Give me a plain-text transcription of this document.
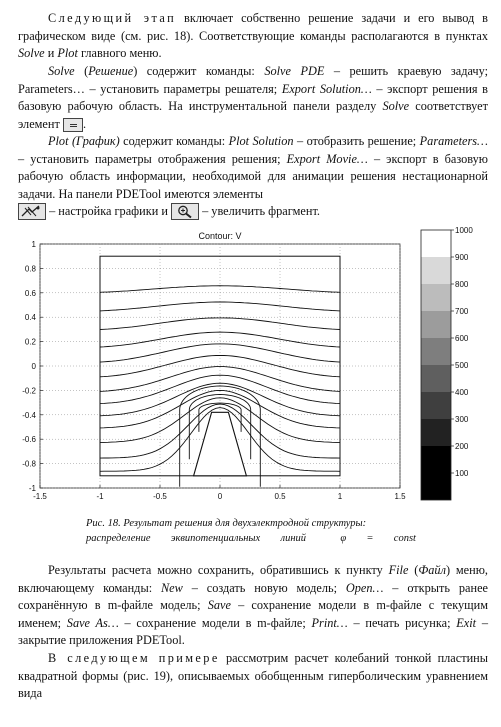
Следующий этап включает собственно решение задачи и его вывод в графическом виде (см. рис. 18). Соответствующие команды располагаются в пунктах Solve и Plot главного меню.

Solve (Решение) содержит команды: Solve PDE – решить краевую задачу; Parameters… – установить параметры решателя; Export Solution… – экспорт решения в базовую рабочую область. На инструментальной панели разделу Solve соответствует элемент .

Plot (График) содержит команды: Plot Solution – отобразить решение; Parameters… – установить параметры отображения решения; Export Movie… – экспорт в базовую рабочую область информации, необходимой для анимации решения нестационарной задачи. На панели PDETool имеются элементы

– настройка графики и
– увеличить фрагмент.

Contour: V
-1.5	-1	-0.5	0	0.5	1	1.5
-1
-0.8
-0.6
-0.4
-0.2
0
0.2
0.4
0.6
0.8
1
1000
900
800
700
600
500
400
300
200
100
Рис. 18. Результат решения для двухэлектродной структуры:
распределение эквипотенциальных линий	φ = const

Результаты расчета можно сохранить, обратившись к пункту File (Файл) меню, включающему команды: New – создать новую модель; Open… – открыть ранее сохранённую в m-файле модель; Save – сохранение модели в m-файле с текущим именем; Save As… – сохранение модели в m-файле; Print… – печать рисунка; Exit – закрытие приложения PDETool.

В следующем примере рассмотрим расчет колебаний тонкой пластины квадратной формы (рис. 19), описываемых обобщенным гиперболическим уравнением вида
